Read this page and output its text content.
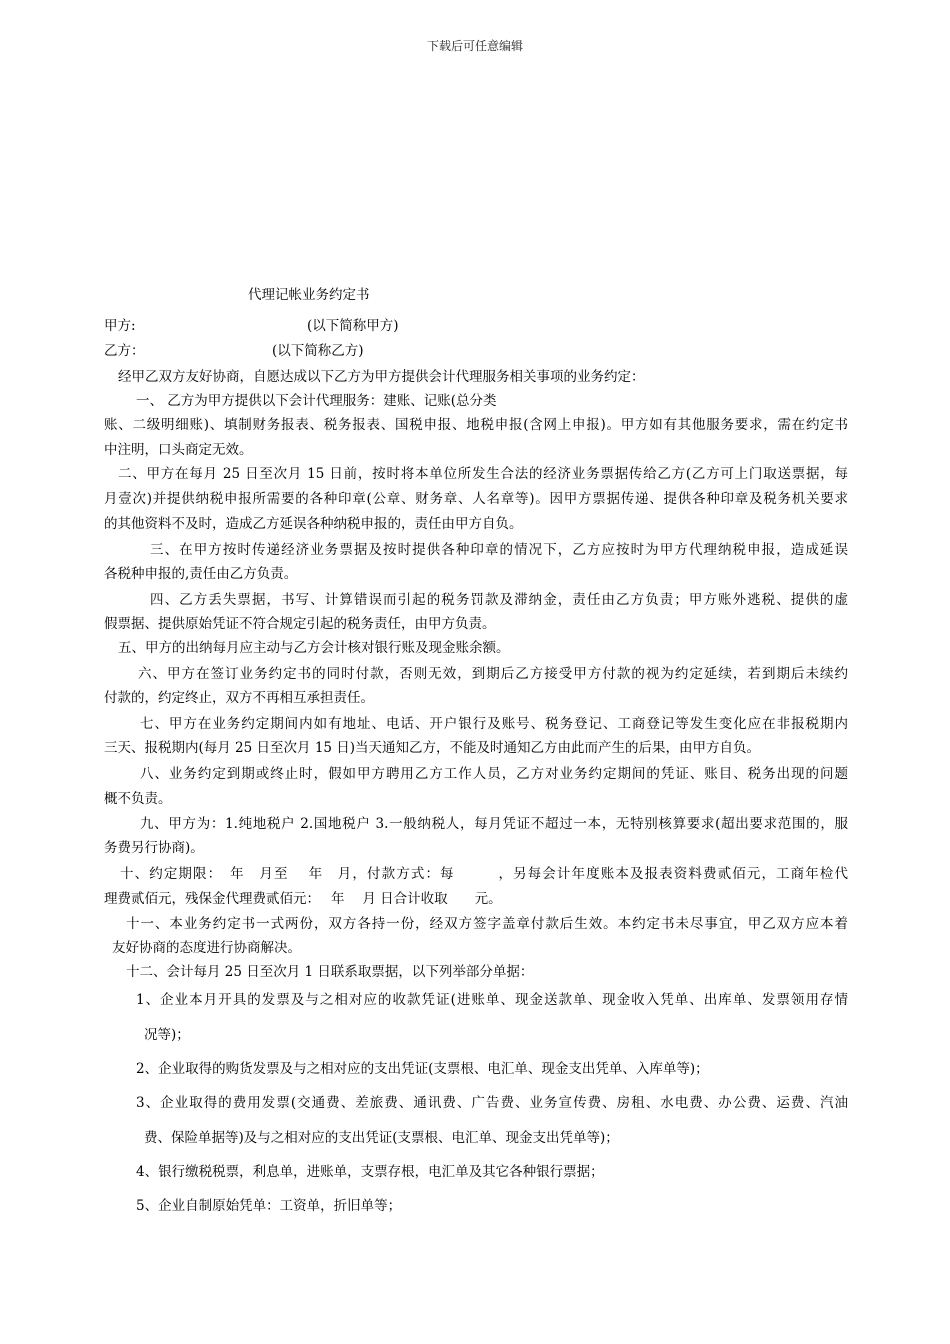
下载后可任意编辑
代理记帐业务约定书
甲方:	(以下简称甲方)
乙方：	(以下简称乙方)
经甲乙双方友好协商，自愿达成以下乙方为甲方提供会计代理服务相关事项的业务约定：
一、 乙方为甲方提供以下会计代理服务：建账、记账(总分类
账、二级明细账)、填制财务报表、税务报表、国税申报、地税申报(含网上申报)。甲方如有其他服务要求，需在约定书
中注明，口头商定无效。
二、甲方在每月 25 日至次月 15 日前，按时将本单位所发生合法的经济业务票据传给乙方(乙方可上门取送票据，每
月壹次)并提供纳税申报所需要的各种印章(公章、财务章、人名章等)。因甲方票据传递、提供各种印章及税务机关要求
的其他资料不及时，造成乙方延误各种纳税申报的，责任由甲方自负。
三、在甲方按时传递经济业务票据及按时提供各种印章的情况下，乙方应按时为甲方代理纳税申报，造成延误
各税种申报的,责任由乙方负责。
四、乙方丢失票据，书写、计算错误而引起的税务罚款及滞纳金，责任由乙方负责；甲方账外逃税、提供的虚
假票据、提供原始凭证不符合规定引起的税务责任，由甲方负责。
五、甲方的出纳每月应主动与乙方会计核对银行账及现金账余额。
六、甲方在签订业务约定书的同时付款，否则无效，到期后乙方接受甲方付款的视为约定延续，若到期后未续约
付款的，约定终止，双方不再相互承担责任。
七、甲方在业务约定期间内如有地址、电话、开户银行及账号、税务登记、工商登记等发生变化应在非报税期内
三天、报税期内(每月 25 日至次月 15 日)当天通知乙方，不能及时通知乙方由此而产生的后果，由甲方自负。
八、业务约定到期或终止时，假如甲方聘用乙方工作人员，乙方对业务约定期间的凭证、账目、税务出现的问题
概不负责。
九、甲方为：1.纯地税户 2.国地税户 3.一般纳税人，每月凭证不超过一本，无特别核算要求(超出要求范围的，服
务费另行协商)。
十、约定期限：　年　月至　 年　月，付款方式：每　　　，另每会计年度账本及报表资料费贰佰元，工商年检代
理费贰佰元，残保金代理费贰佰元：　 年　 月 日合计收取　　元。
十一、本业务约定书一式两份，双方各持一份，经双方签字盖章付款后生效。本约定书未尽事宜，甲乙双方应本着
友好协商的态度进行协商解决。
十二、会计每月 25 日至次月 1 日联系取票据，以下列举部分单据：
1、企业本月开具的发票及与之相对应的收款凭证(进账单、现金送款单、现金收入凭单、出库单、发票领用存情
况等)；
2、企业取得的购货发票及与之相对应的支出凭证(支票根、电汇单、现金支出凭单、入库单等)；
3、企业取得的费用发票(交通费、差旅费、通讯费、广告费、业务宣传费、房租、水电费、办公费、运费、汽油
费、保险单据等)及与之相对应的支出凭证(支票根、电汇单、现金支出凭单等)；
4、银行缴税税票，利息单，进账单，支票存根，电汇单及其它各种银行票据；
5、企业自制原始凭单：工资单，折旧单等；
